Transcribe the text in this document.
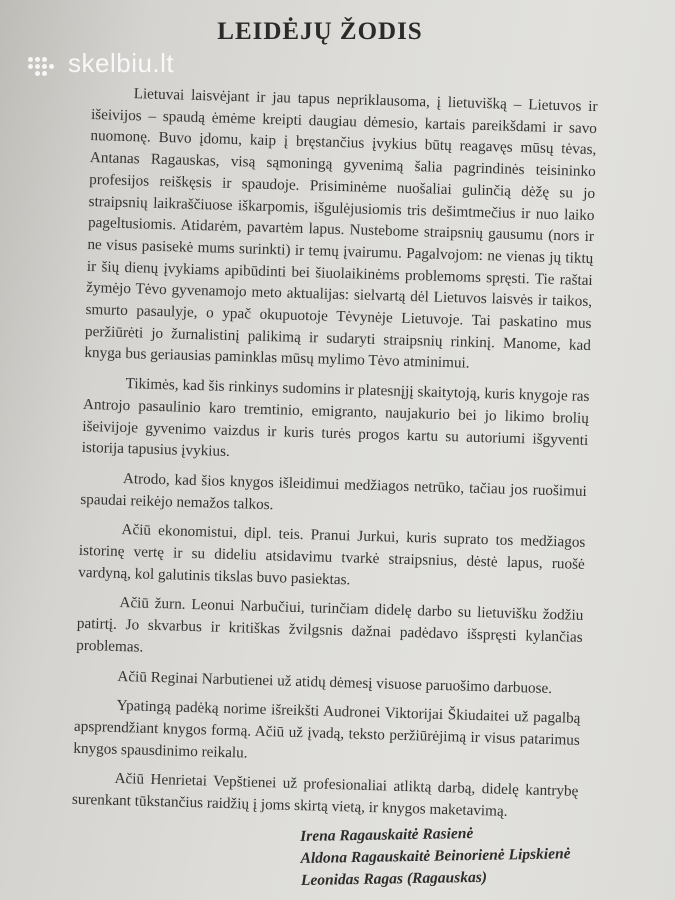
skelbiu.lt
LEIDĖJŲ ŽODIS

Lietuvai laisvėjant ir jau tapus nepriklausoma, į lietuvišką – Lietuvos ir išeivijos – spaudą ėmėme kreipti daugiau dėmesio, kartais pareikšdami ir savo nuomonę. Buvo įdomu, kaip į bręstančius įvykius būtų reagavęs mūsų tėvas, Antanas Ragauskas, visą sąmoningą gyvenimą šalia pagrindinės teisininko profesijos reiškęsis ir spaudoje. Prisiminėme nuošaliai gulinčią dėžę su jo straipsnių laikraščiuose iškarpomis, išgulėjusiomis tris dešimtmečius ir nuo laiko pageltusiomis. Atidarėm, pavartėm lapus. Nustebome straipsnių gausumu (nors ir ne visus pasisekė mums surinkti) ir temų įvairumu. Pagalvojom: ne vienas jų tiktų ir šių dienų įvykiams apibūdinti bei šiuolaikinėms problemoms spręsti. Tie raštai žymėjo Tėvo gyvenamojo meto aktualijas: sielvartą dėl Lietuvos laisvės ir taikos, smurto pasaulyje, o ypač okupuotoje Tėvynėje Lietuvoje. Tai paskatino mus peržiūrėti jo žurnalistinį palikimą ir sudaryti straipsnių rinkinį. Manome, kad knyga bus geriausias paminklas mūsų mylimo Tėvo atminimui.

Tikimės, kad šis rinkinys sudomins ir platesnįjį skaitytoją, kuris knygoje ras Antrojo pasaulinio karo tremtinio, emigranto, naujakurio bei jo likimo brolių išeivijoje gyvenimo vaizdus ir kuris turės progos kartu su autoriumi išgyventi istorija tapusius įvykius.

Atrodo, kad šios knygos išleidimui medžiagos netrūko, tačiau jos ruošimui spaudai reikėjo nemažos talkos.

Ačiū ekonomistui, dipl. teis. Pranui Jurkui, kuris suprato tos medžiagos istorinę vertę ir su dideliu atsidavimu tvarkė straipsnius, dėstė lapus, ruošė vardyną, kol galutinis tikslas buvo pasiektas.

Ačiū žurn. Leonui Narbučiui, turinčiam didelę darbo su lietuvišku žodžiu patirtį. Jo skvarbus ir kritiškas žvilgsnis dažnai padėdavo išspręsti kylančias problemas.

Ačiū Reginai Narbutienei už atidų dėmesį visuose paruošimo darbuose.

Ypatingą padėką norime išreikšti Audronei Viktorijai Škiudaitei už pagalbą apsprendžiant knygos formą. Ačiū už įvadą, teksto peržiūrėjimą ir visus patarimus knygos spausdinimo reikalu.

Ačiū Henrietai Vepštienei už profesionaliai atliktą darbą, didelę kantrybę surenkant tūkstančius raidžių į joms skirtą vietą, ir knygos maketavimą.

Irena Ragauskaitė Rasienė
Aldona Ragauskaitė Beinorienė Lipskienė
Leonidas Ragas (Ragauskas)
